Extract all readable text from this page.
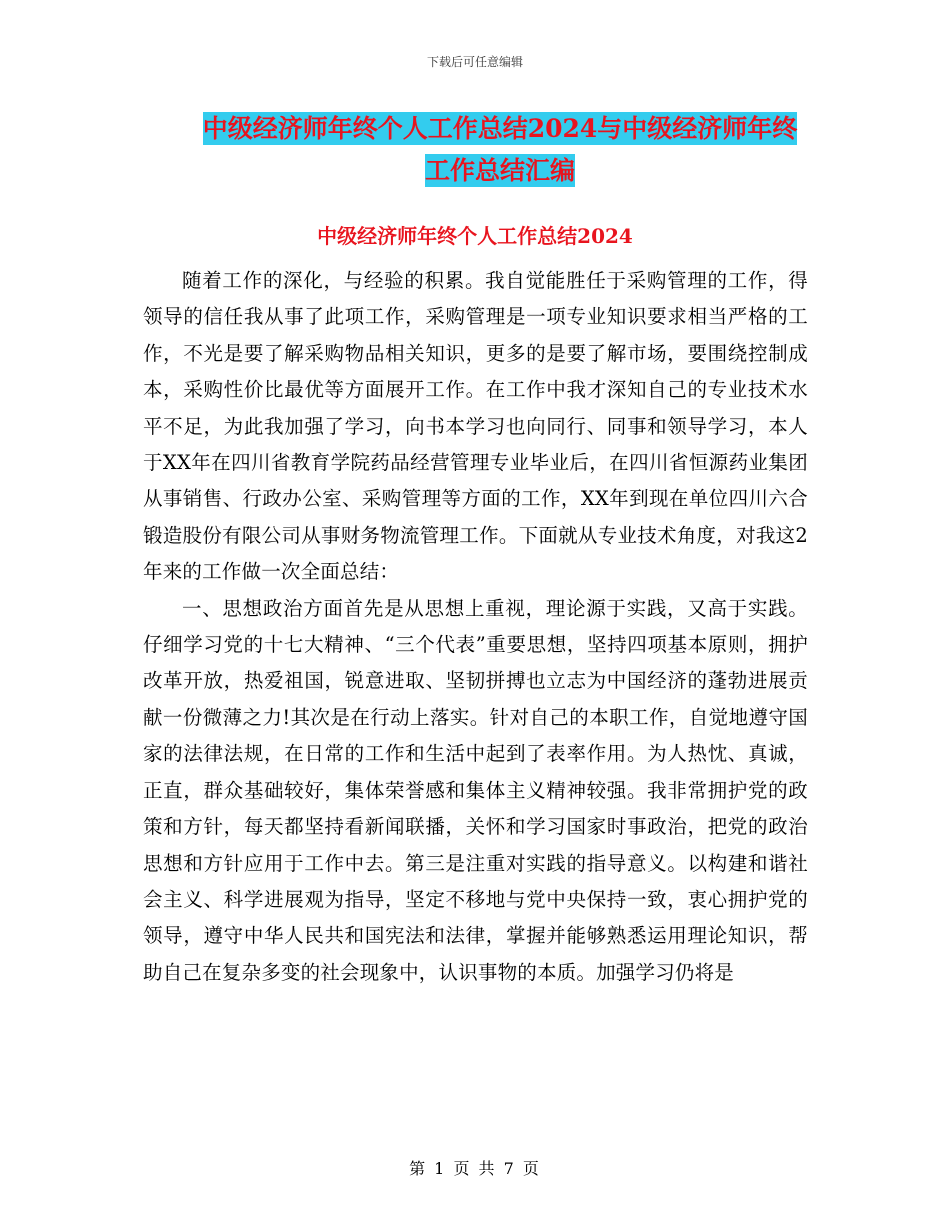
下载后可任意编辑
中级经济师年终个人工作总结2024与中级经济师年终
工作总结汇编
中级经济师年终个人工作总结2024

随着工作的深化，与经验的积累。我自觉能胜任于采购管理的工作，得领导的信任我从事了此项工作，采购管理是一项专业知识要求相当严格的工作，不光是要了解采购物品相关知识，更多的是要了解市场，要围绕控制成本，采购性价比最优等方面展开工作。在工作中我才深知自己的专业技术水平不足，为此我加强了学习，向书本学习也向同行、同事和领导学习，本人于XX年在四川省教育学院药品经营管理专业毕业后，在四川省恒源药业集团从事销售、行政办公室、采购管理等方面的工作，XX年到现在单位四川六合锻造股份有限公司从事财务物流管理工作。下面就从专业技术角度，对我这2年来的工作做一次全面总结：

一、思想政治方面首先是从思想上重视，理论源于实践，又高于实践。仔细学习党的十七大精神、“三个代表”重要思想，坚持四项基本原则，拥护改革开放，热爱祖国，锐意进取、坚韧拼搏也立志为中国经济的蓬勃进展贡献一份微薄之力!其次是在行动上落实。针对自己的本职工作，自觉地遵守国家的法律法规，在日常的工作和生活中起到了表率作用。为人热忱、真诚，正直，群众基础较好，集体荣誉感和集体主义精神较强。我非常拥护党的政策和方针，每天都坚持看新闻联播，关怀和学习国家时事政治，把党的政治思想和方针应用于工作中去。第三是注重对实践的指导意义。以构建和谐社会主义、科学进展观为指导，坚定不移地与党中央保持一致，衷心拥护党的领导，遵守中华人民共和国宪法和法律，掌握并能够熟悉运用理论知识，帮助自己在复杂多变的社会现象中，认识事物的本质。加强学习仍将是

第 1 页 共 7 页
